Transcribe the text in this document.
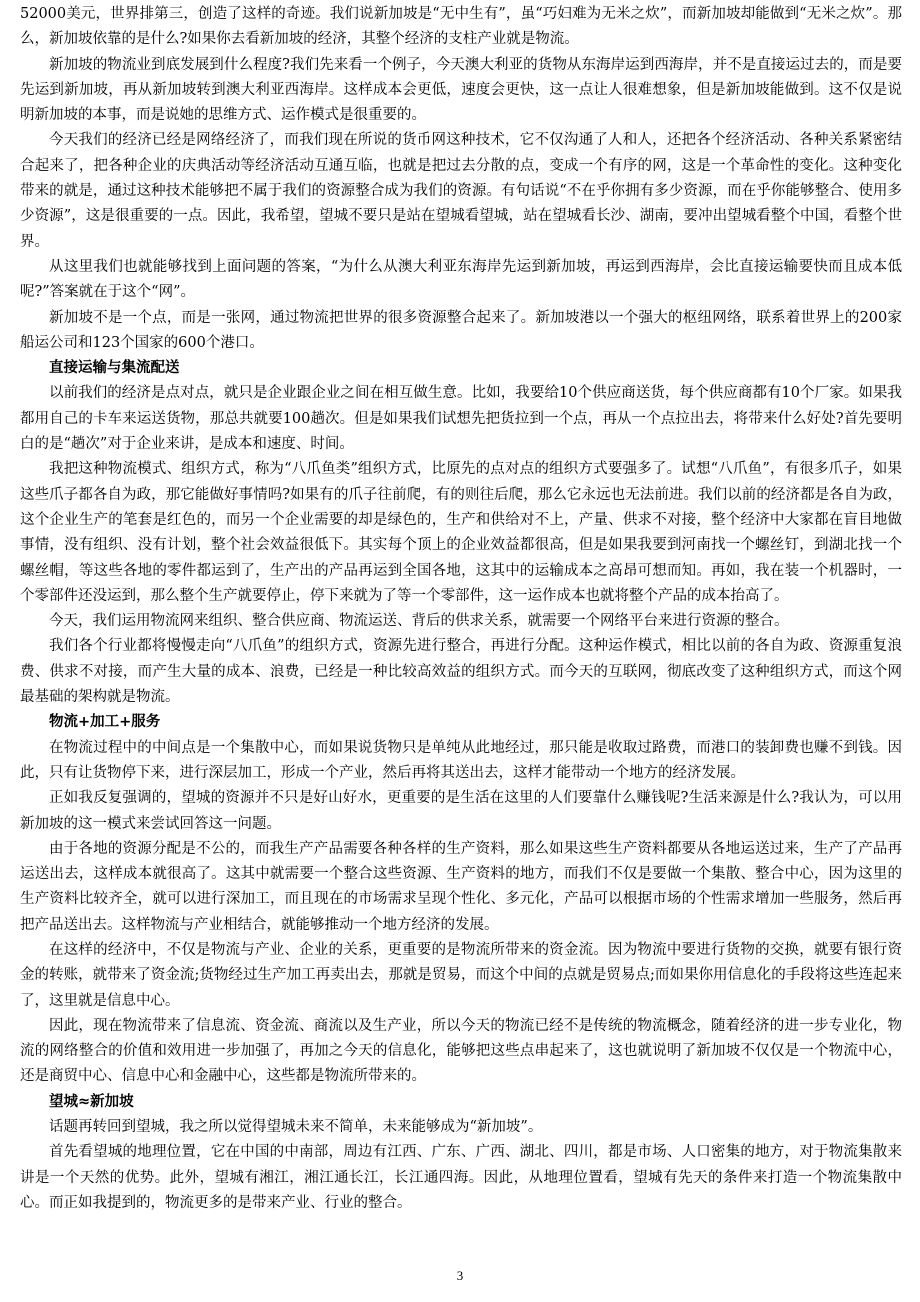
52000美元，世界排第三，创造了这样的奇迹。我们说新加坡是“无中生有”，虽“巧妇难为无米之炊”，而新加坡却能做到“无米之炊”。那么，新加坡依靠的是什么?如果你去看新加坡的经济，其整个经济的支柱产业就是物流。

新加坡的物流业到底发展到什么程度?我们先来看一个例子，今天澳大利亚的货物从东海岸运到西海岸，并不是直接运过去的，而是要先运到新加坡，再从新加坡转到澳大利亚西海岸。这样成本会更低，速度会更快，这一点让人很难想象，但是新加坡能做到。这不仅是说明新加坡的本事，而是说她的思维方式、运作模式是很重要的。

今天我们的经济已经是网络经济了，而我们现在所说的货币网这种技术，它不仅沟通了人和人，还把各个经济活动、各种关系紧密结合起来了，把各种企业的庆典活动等经济活动互通互临，也就是把过去分散的点，变成一个有序的网，这是一个革命性的变化。这种变化带来的就是，通过这种技术能够把不属于我们的资源整合成为我们的资源。有句话说“不在乎你拥有多少资源，而在乎你能够整合、使用多少资源”，这是很重要的一点。因此，我希望，望城不要只是站在望城看望城，站在望城看长沙、湖南，要冲出望城看整个中国，看整个世界。

从这里我们也就能够找到上面问题的答案，“为什么从澳大利亚东海岸先运到新加坡，再运到西海岸，会比直接运输要快而且成本低呢?”答案就在于这个“网”。

新加坡不是一个点，而是一张网，通过物流把世界的很多资源整合起来了。新加坡港以一个强大的枢纽网络，联系着世界上的200家船运公司和123个国家的600个港口。

直接运输与集流配送

以前我们的经济是点对点，就只是企业跟企业之间在相互做生意。比如，我要给10个供应商送货，每个供应商都有10个厂家。如果我都用自己的卡车来运送货物，那总共就要100趟次。但是如果我们试想先把货拉到一个点，再从一个点拉出去，将带来什么好处?首先要明白的是“趟次”对于企业来讲，是成本和速度、时间。

我把这种物流模式、组织方式，称为“八爪鱼类”组织方式，比原先的点对点的组织方式要强多了。试想“八爪鱼”，有很多爪子，如果这些爪子都各自为政，那它能做好事情吗?如果有的爪子往前爬，有的则往后爬，那么它永远也无法前进。我们以前的经济都是各自为政，这个企业生产的笔套是红色的，而另一个企业需要的却是绿色的，生产和供给对不上，产量、供求不对接，整个经济中大家都在盲目地做事情，没有组织、没有计划，整个社会效益很低下。其实每个顶上的企业效益都很高，但是如果我要到河南找一个螺丝钉，到湖北找一个螺丝帽，等这些各地的零件都运到了，生产出的产品再运到全国各地，这其中的运输成本之高昂可想而知。再如，我在装一个机器时，一个零部件还没运到，那么整个生产就要停止，停下来就为了等一个零部件，这一运作成本也就将整个产品的成本抬高了。

今天，我们运用物流网来组织、整合供应商、物流运送、背后的供求关系，就需要一个网络平台来进行资源的整合。

我们各个行业都将慢慢走向“八爪鱼”的组织方式，资源先进行整合，再进行分配。这种运作模式，相比以前的各自为政、资源重复浪费、供求不对接，而产生大量的成本、浪费，已经是一种比较高效益的组织方式。而今天的互联网，彻底改变了这种组织方式，而这个网最基础的架构就是物流。

物流+加工+服务

在物流过程中的中间点是一个集散中心，而如果说货物只是单纯从此地经过，那只能是收取过路费，而港口的装卸费也赚不到钱。因此，只有让货物停下来，进行深层加工，形成一个产业，然后再将其送出去，这样才能带动一个地方的经济发展。

正如我反复强调的，望城的资源并不只是好山好水，更重要的是生活在这里的人们要靠什么赚钱呢?生活来源是什么?我认为，可以用新加坡的这一模式来尝试回答这一问题。

由于各地的资源分配是不公的，而我生产产品需要各种各样的生产资料，那么如果这些生产资料都要从各地运送过来，生产了产品再运送出去，这样成本就很高了。这其中就需要一个整合这些资源、生产资料的地方，而我们不仅是要做一个集散、整合中心，因为这里的生产资料比较齐全，就可以进行深加工，而且现在的市场需求呈现个性化、多元化，产品可以根据市场的个性需求增加一些服务，然后再把产品送出去。这样物流与产业相结合，就能够推动一个地方经济的发展。

在这样的经济中，不仅是物流与产业、企业的关系，更重要的是物流所带来的资金流。因为物流中要进行货物的交换，就要有银行资金的转账，就带来了资金流;货物经过生产加工再卖出去，那就是贸易，而这个中间的点就是贸易点;而如果你用信息化的手段将这些连起来了，这里就是信息中心。

因此，现在物流带来了信息流、资金流、商流以及生产业，所以今天的物流已经不是传统的物流概念，随着经济的进一步专业化，物流的网络整合的价值和效用进一步加强了，再加之今天的信息化，能够把这些点串起来了，这也就说明了新加坡不仅仅是一个物流中心，还是商贸中心、信息中心和金融中心，这些都是物流所带来的。

望城≈新加坡

话题再转回到望城，我之所以觉得望城未来不简单，未来能够成为“新加坡”。

首先看望城的地理位置，它在中国的中南部，周边有江西、广东、广西、湖北、四川，都是市场、人口密集的地方，对于物流集散来讲是一个天然的优势。此外，望城有湘江，湘江通长江，长江通四海。因此，从地理位置看，望城有先天的条件来打造一个物流集散中心。而正如我提到的，物流更多的是带来产业、行业的整合。

3
